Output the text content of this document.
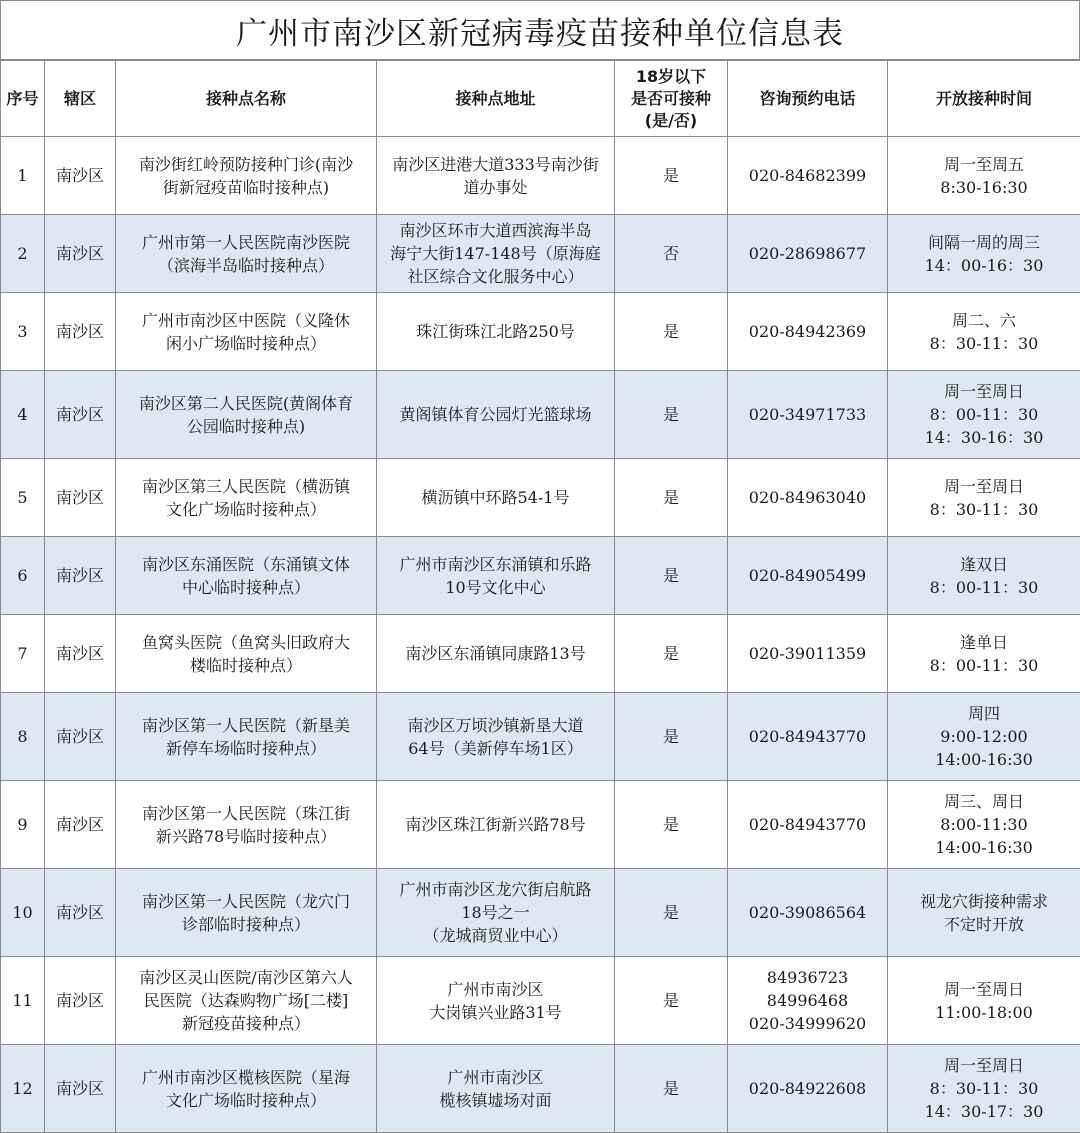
广州市南沙区新冠病毒疫苗接种单位信息表
序号	辖区	接种点名称	接种点地址	18岁以下
是否可接种
(是/否)	咨询预约电话	开放接种时间
1	南沙区	南沙街红岭预防接种门诊(南沙
街新冠疫苗临时接种点)	南沙区进港大道333号南沙街
道办事处	是	020-84682399	周一至周五
8:30-16:30

2	南沙区	广州市第一人民医院南沙医院
（滨海半岛临时接种点）	南沙区环市大道西滨海半岛
海宁大街147-148号（原海庭
社区综合文化服务中心）	否	020-28698677	间隔一周的周三
14：00-16：30

3	南沙区	广州市南沙区中医院（义隆休
闲小广场临时接种点）	珠江街珠江北路250号	是	020-84942369	周二、六
8：30-11：30

4	南沙区	南沙区第二人民医院(黄阁体育
公园临时接种点)	黄阁镇体育公园灯光篮球场	是	020-34971733	周一至周日
8：00-11：30
14：30-16：30

5	南沙区	南沙区第三人民医院（横沥镇
文化广场临时接种点）	横沥镇中环路54-1号	是	020-84963040	周一至周日
8：30-11：30

6	南沙区	南沙区东涌医院（东涌镇文体
中心临时接种点）	广州市南沙区东涌镇和乐路
10号文化中心	是	020-84905499	逢双日
8：00-11：30

7	南沙区	鱼窝头医院（鱼窝头旧政府大
楼临时接种点）	南沙区东涌镇同康路13号	是	020-39011359	逢单日
8：00-11：30

8	南沙区	南沙区第一人民医院（新垦美
新停车场临时接种点）	南沙区万顷沙镇新垦大道
64号（美新停车场1区）	是	020-84943770	周四
9:00-12:00
14:00-16:30

9	南沙区	南沙区第一人民医院（珠江街
新兴路78号临时接种点）	南沙区珠江街新兴路78号	是	020-84943770	周三、周日
8:00-11:30
14:00-16:30

10	南沙区	南沙区第一人民医院（龙穴门
诊部临时接种点）	广州市南沙区龙穴街启航路
18号之一
（龙城商贸业中心）	是	020-39086564	视龙穴街接种需求
不定时开放

11	南沙区	南沙区灵山医院/南沙区第六人
民医院（达森购物广场[二楼]
新冠疫苗接种点）	广州市南沙区
大岗镇兴业路31号	是	84936723
84996468
020-34999620	周一至周日
11:00-18:00

12	南沙区	广州市南沙区榄核医院（星海
文化广场临时接种点）	广州市南沙区
榄核镇墟场对面	是	020-84922608	周一至周日
8：30-11：30
14：30-17：30
